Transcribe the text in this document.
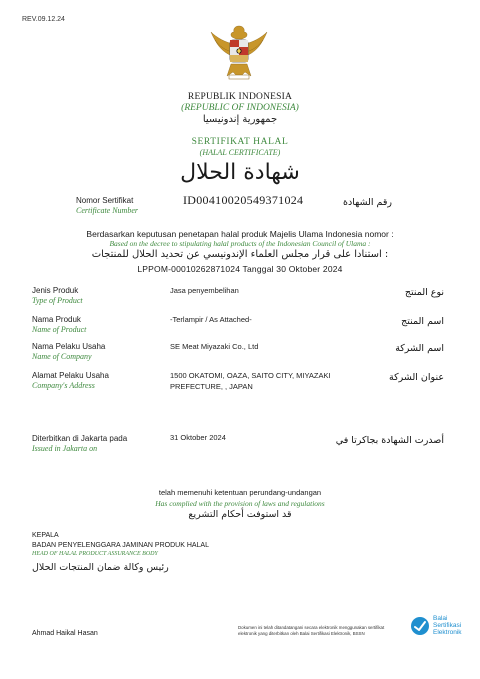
REV.09.12.24
REPUBLIK INDONESIA
(REPUBLIC OF INDONESIA)
جمهورية إندونيسيا
SERTIFIKAT HALAL
(HALAL CERTIFICATE)
شهادة الحلال
Nomor Sertifikat
Certificate Number
ID00410020549371024	رقم الشهادة
Berdasarkan keputusan penetapan halal produk Majelis Ulama Indonesia nomor :
Based on the decree to stipulating halal products of the Indonesian Council of Ulama :
استنادا على قرار مجلس العلماء الإندونيسي عن تحديد الحلال للمنتجات :
LPPOM-00010262871024 Tanggal 30 Oktober 2024
Jenis Produk
Type of Product
Jasa penyembelihan	نوع المنتج
Nama Produk
Name of Product
-Terlampir / As Attached-	اسم المنتج
Nama Pelaku Usaha
Name of Company
SE Meat Miyazaki Co., Ltd	اسم الشركة
Alamat Pelaku Usaha
Company's Address
1500 OKATOMI, OAZA, SAITO CITY, MIYAZAKI
PREFECTURE, , JAPAN
عنوان الشركة
Diterbitkan di Jakarta pada
Issued in Jakarta on
31 Oktober 2024	أصدرت الشهادة بجاكرتا في
telah memenuhi ketentuan perundang-undangan
Has complied with the provision of laws and regulations
قد استوفت أحكام التشريع
KEPALA
BADAN PENYELENGGARA JAMINAN PRODUK HALAL
HEAD OF HALAL PRODUCT ASSURANCE BODY
رئيس وكالة ضمان المنتجات الحلال
Ahmad Haikal Hasan
Dokumen ini telah ditandatangani secara elektronik menggunakan sertifikat
elektronik yang diterbitkan oleh Balai Sertifikasi Elektronik, BSSN
Balai
Sertifikasi
Elektronik
